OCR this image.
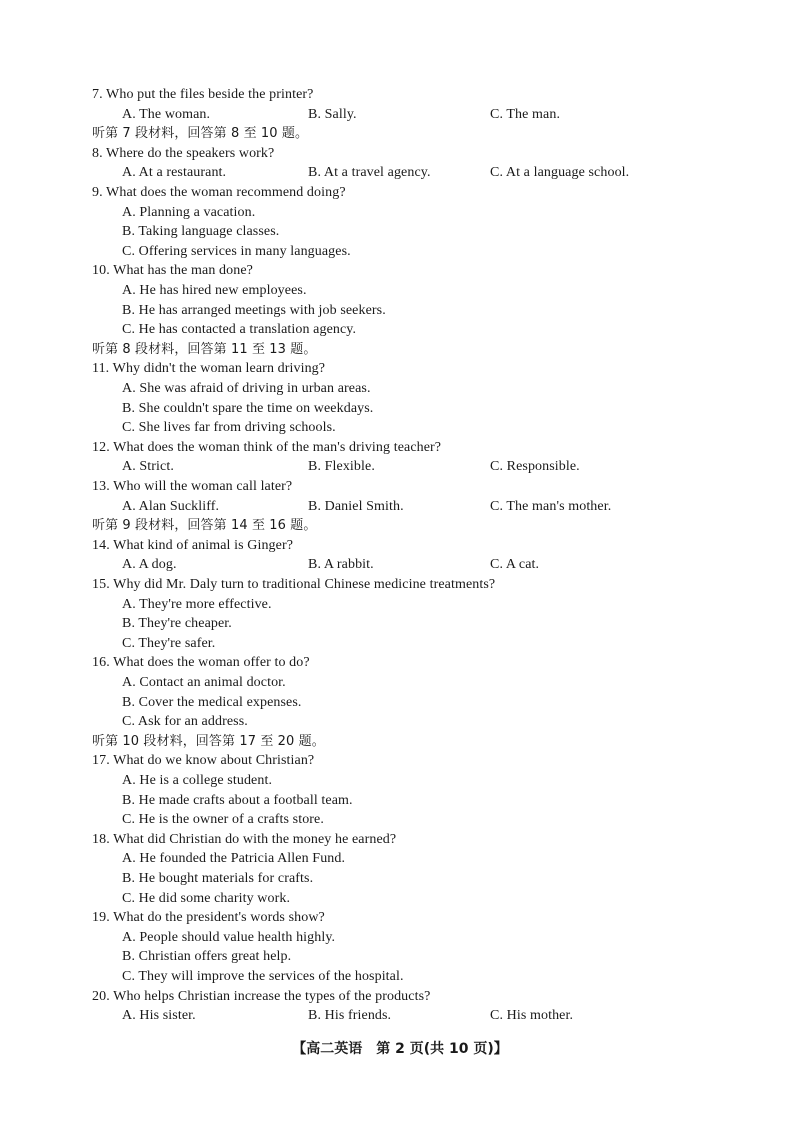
7. Who put the files beside the printer?
A. The woman.	B. Sally.	C. The man.
听第 7 段材料，回答第 8 至 10 题。
8. Where do the speakers work?
A. At a restaurant.	B. At a travel agency.	C. At a language school.
9. What does the woman recommend doing?
A. Planning a vacation.
B. Taking language classes.
C. Offering services in many languages.
10. What has the man done?
A. He has hired new employees.
B. He has arranged meetings with job seekers.
C. He has contacted a translation agency.
听第 8 段材料，回答第 11 至 13 题。
11. Why didn't the woman learn driving?
A. She was afraid of driving in urban areas.
B. She couldn't spare the time on weekdays.
C. She lives far from driving schools.
12. What does the woman think of the man's driving teacher?
A. Strict.	B. Flexible.	C. Responsible.
13. Who will the woman call later?
A. Alan Suckliff.	B. Daniel Smith.	C. The man's mother.
听第 9 段材料，回答第 14 至 16 题。
14. What kind of animal is Ginger?
A. A dog.	B. A rabbit.	C. A cat.
15. Why did Mr. Daly turn to traditional Chinese medicine treatments?
A. They're more effective.
B. They're cheaper.
C. They're safer.
16. What does the woman offer to do?
A. Contact an animal doctor.
B. Cover the medical expenses.
C. Ask for an address.
听第 10 段材料，回答第 17 至 20 题。
17. What do we know about Christian?
A. He is a college student.
B. He made crafts about a football team.
C. He is the owner of a crafts store.
18. What did Christian do with the money he earned?
A. He founded the Patricia Allen Fund.
B. He bought materials for crafts.
C. He did some charity work.
19. What do the president's words show?
A. People should value health highly.
B. Christian offers great help.
C. They will improve the services of the hospital.
20. Who helps Christian increase the types of the products?
A. His sister.	B. His friends.	C. His mother.
【高二英语　第 2 页(共 10 页)】
